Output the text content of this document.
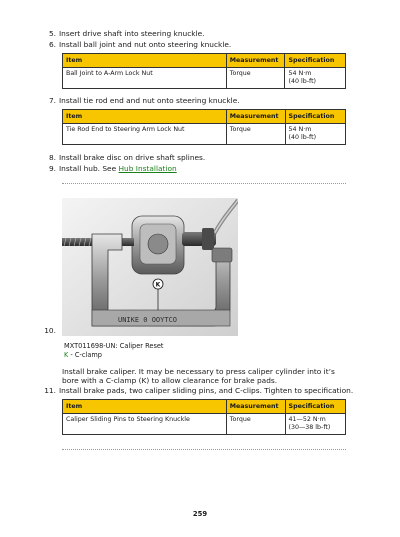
5. Insert drive shaft into steering knuckle.
6. Install ball joint and nut onto steering knuckle.
Item	Measurement	Specification
Ball Joint to A-Arm Lock Nut	Torque	54 N·m
(40 lb-ft)
7. Install tie rod end and nut onto steering knuckle.
Item	Measurement	Specification
Tie Rod End to Steering Arm Lock Nut	Torque	54 N·m
(40 lb-ft)
8. Install brake disc on drive shaft splines.
9. Install hub. See Hub Installation
10.
UNIKE 0 OOYTCO
K
MXT011698-UN: Caliper Reset
K - C-clamp
Install brake caliper. It may be necessary to press caliper cylinder into it’s bore with a C-clamp (K) to allow clearance for brake pads.
11. Install brake pads, two caliper sliding pins, and C-clips. Tighten to specification.
Item	Measurement	Specification
Caliper Sliding Pins to Steering Knuckle	Torque	41—52 N·m
(30—38 lb-ft)
259
